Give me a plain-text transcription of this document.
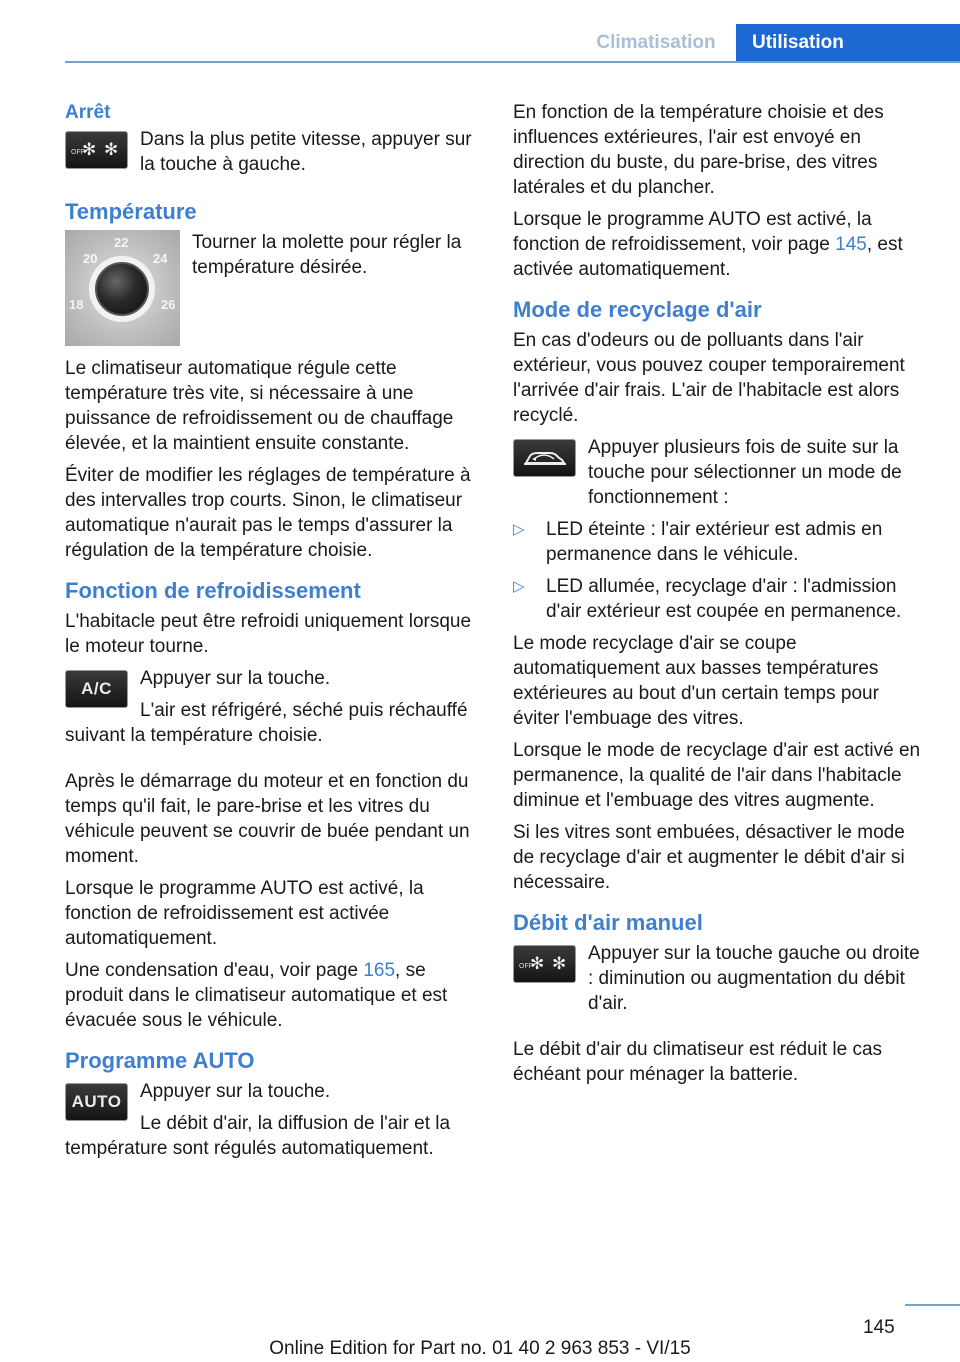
Climatisation	Utilisation
Arrêt
✻ ✻
OFF

Dans la plus petite vitesse, appuyer sur la touche à gauche.

Température
18
20
22
24
26

Tourner la molette pour régler la température désirée.

Le climatiseur automatique régule cette température très vite, si nécessaire à une puissance de refroidissement ou de chauffage élevée, et la maintient ensuite constante.

Éviter de modifier les réglages de température à des intervalles trop courts. Sinon, le climatiseur automatique n'aurait pas le temps d'assurer la régulation de la température choisie.

Fonction de refroidissement

L'habitacle peut être refroidi uniquement lorsque le moteur tourne.

A/C	Appuyer sur la touche.

L'air est réfrigéré, séché puis réchauffé suivant la température choisie.

Après le démarrage du moteur et en fonction du temps qu'il fait, le pare-brise et les vitres du véhicule peuvent se couvrir de buée pendant un moment.

Lorsque le programme AUTO est activé, la fonction de refroidissement est activée automatiquement.

Une condensation d'eau, voir page 165, se produit dans le climatiseur automatique et est évacuée sous le véhicule.

Programme AUTO
AUTO Appuyer sur la touche.

Le débit d'air, la diffusion de l'air et la température sont régulés automatiquement.

En fonction de la température choisie et des influences extérieures, l'air est envoyé en direction du buste, du pare-brise, des vitres latérales et du plancher.

Lorsque le programme AUTO est activé, la fonction de refroidissement, voir page 145, est activée automatiquement.

Mode de recyclage d'air

En cas d'odeurs ou de polluants dans l'air extérieur, vous pouvez couper temporairement l'arrivée d'air frais. L'air de l'habitacle est alors recyclé.

Appuyer plusieurs fois de suite sur la touche pour sélectionner un mode de fonctionnement :

▷ LED éteinte : l'air extérieur est admis en permanence dans le véhicule.
▷ LED allumée, recyclage d'air : l'admission d'air extérieur est coupée en permanence.

Le mode recyclage d'air se coupe automatiquement aux basses températures extérieures au bout d'un certain temps pour éviter l'embuage des vitres.

Lorsque le mode de recyclage d'air est activé en permanence, la qualité de l'air dans l'habitacle diminue et l'embuage des vitres augmente.

Si les vitres sont embuées, désactiver le mode de recyclage d'air et augmenter le débit d'air si nécessaire.

Débit d'air manuel
✻ ✻
OFF

Appuyer sur la touche gauche ou droite : diminution ou augmentation du débit d'air.

Le débit d'air du climatiseur est réduit le cas échéant pour ménager la batterie.

145
Online Edition for Part no. 01 40 2 963 853 - VI/15
